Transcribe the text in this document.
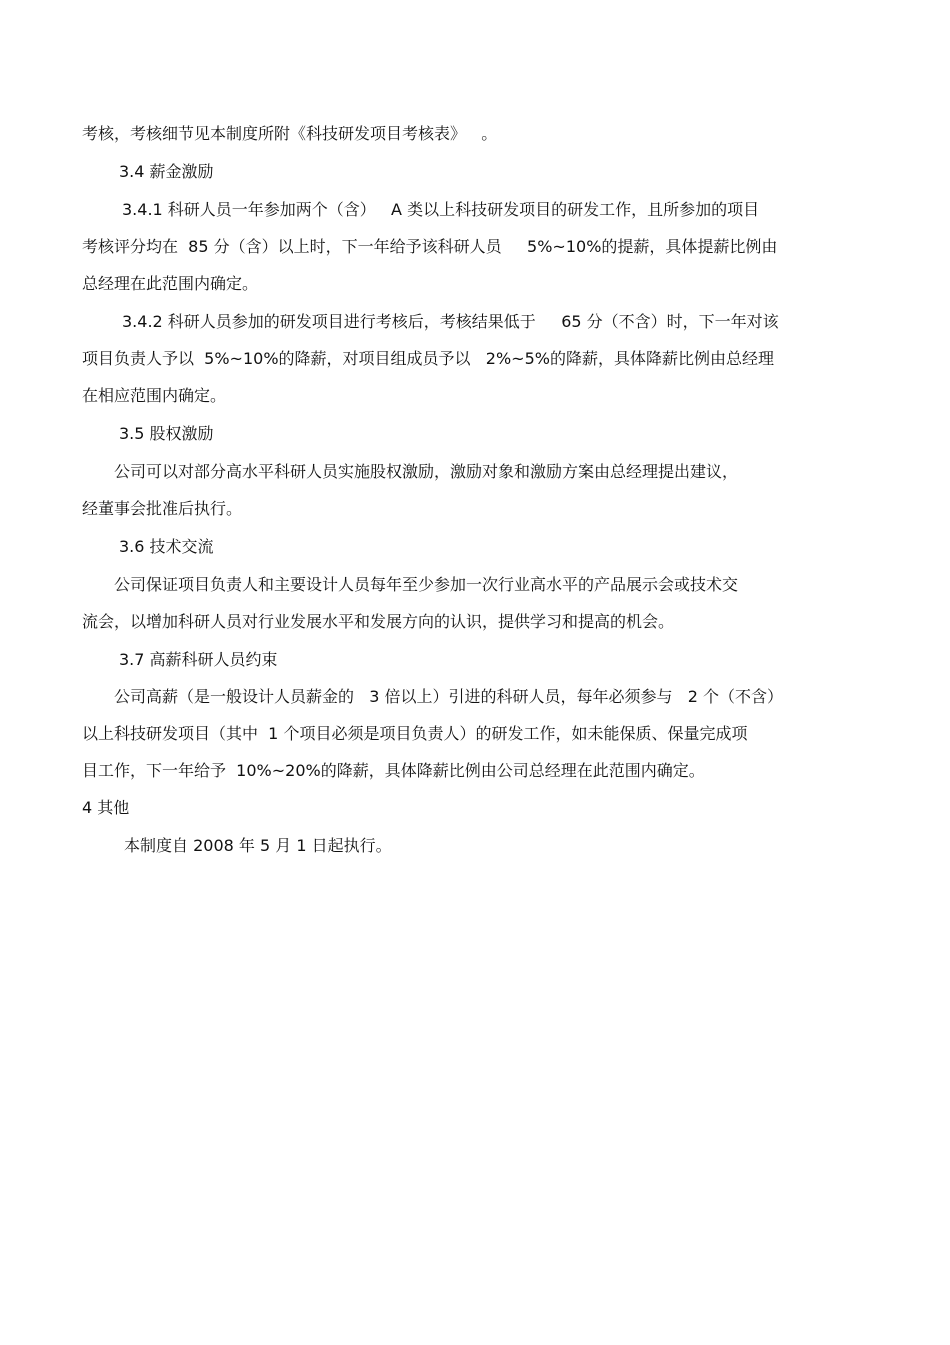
考核，考核细节见本制度所附《科技研发项目考核表》   。
3.4 薪金激励
3.4.1 科研人员一年参加两个（含）   A 类以上科技研发项目的研发工作，且所参加的项目
考核评分均在  85 分（含）以上时，下一年给予该科研人员     5%~10%的提薪，具体提薪比例由
总经理在此范围内确定。
3.4.2 科研人员参加的研发项目进行考核后，考核结果低于     65 分（不含）时，下一年对该
项目负责人予以  5%~10%的降薪，对项目组成员予以   2%~5%的降薪，具体降薪比例由总经理
在相应范围内确定。
3.5 股权激励
公司可以对部分高水平科研人员实施股权激励，激励对象和激励方案由总经理提出建议，
经董事会批准后执行。
3.6 技术交流
公司保证项目负责人和主要设计人员每年至少参加一次行业高水平的产品展示会或技术交
流会，以增加科研人员对行业发展水平和发展方向的认识，提供学习和提高的机会。
3.7 高薪科研人员约束
公司高薪（是一般设计人员薪金的   3 倍以上）引进的科研人员，每年必须参与   2 个（不含）
以上科技研发项目（其中  1 个项目必须是项目负责人）的研发工作，如未能保质、保量完成项
目工作，下一年给予  10%~20%的降薪，具体降薪比例由公司总经理在此范围内确定。
4 其他
本制度自 2008 年 5 月 1 日起执行。
